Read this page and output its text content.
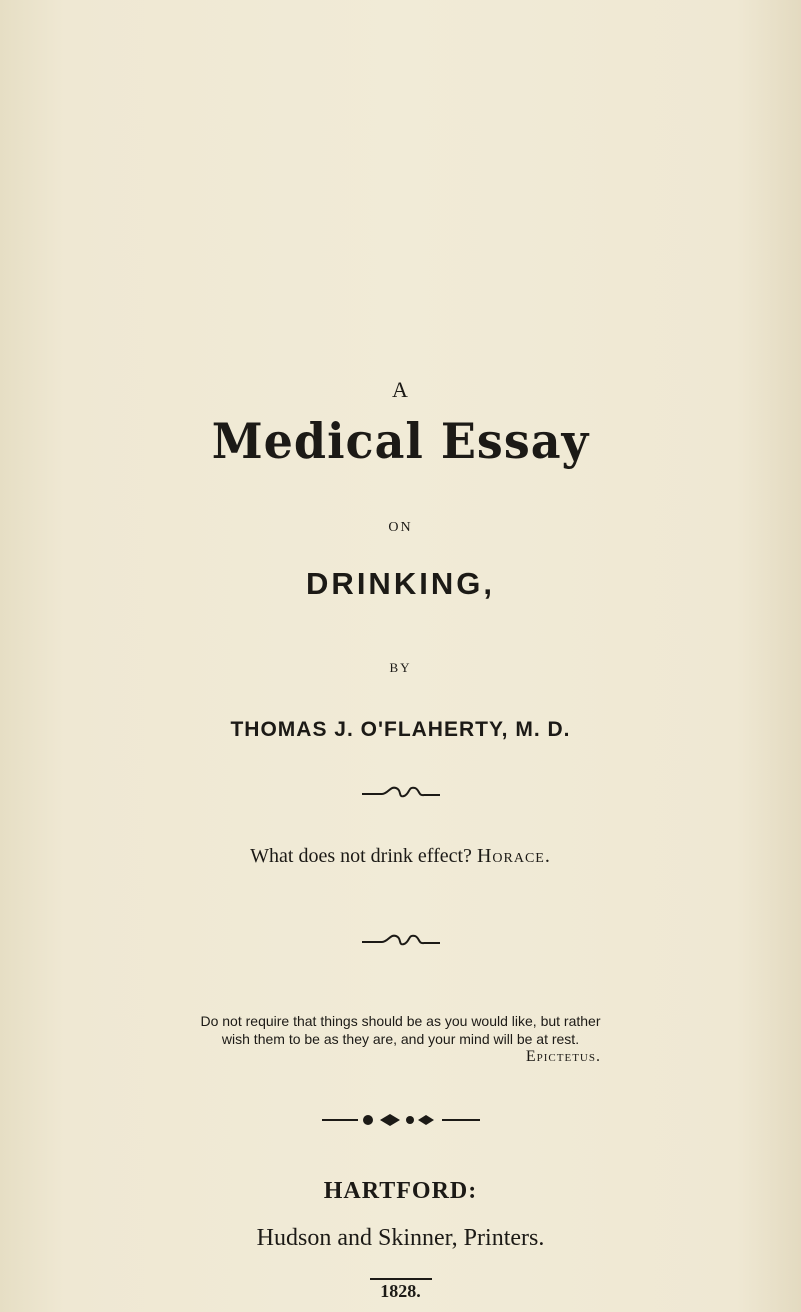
A
Medical Essay
ON
DRINKING,
BY
THOMAS J. O'FLAHERTY, M. D.
What does not drink effect? Horace.
Do not require that things should be as you would like, but rather
wish them to be as they are, and your mind will be at rest.
Epictetus.
HARTFORD:
Hudson and Skinner, Printers.
1828.
